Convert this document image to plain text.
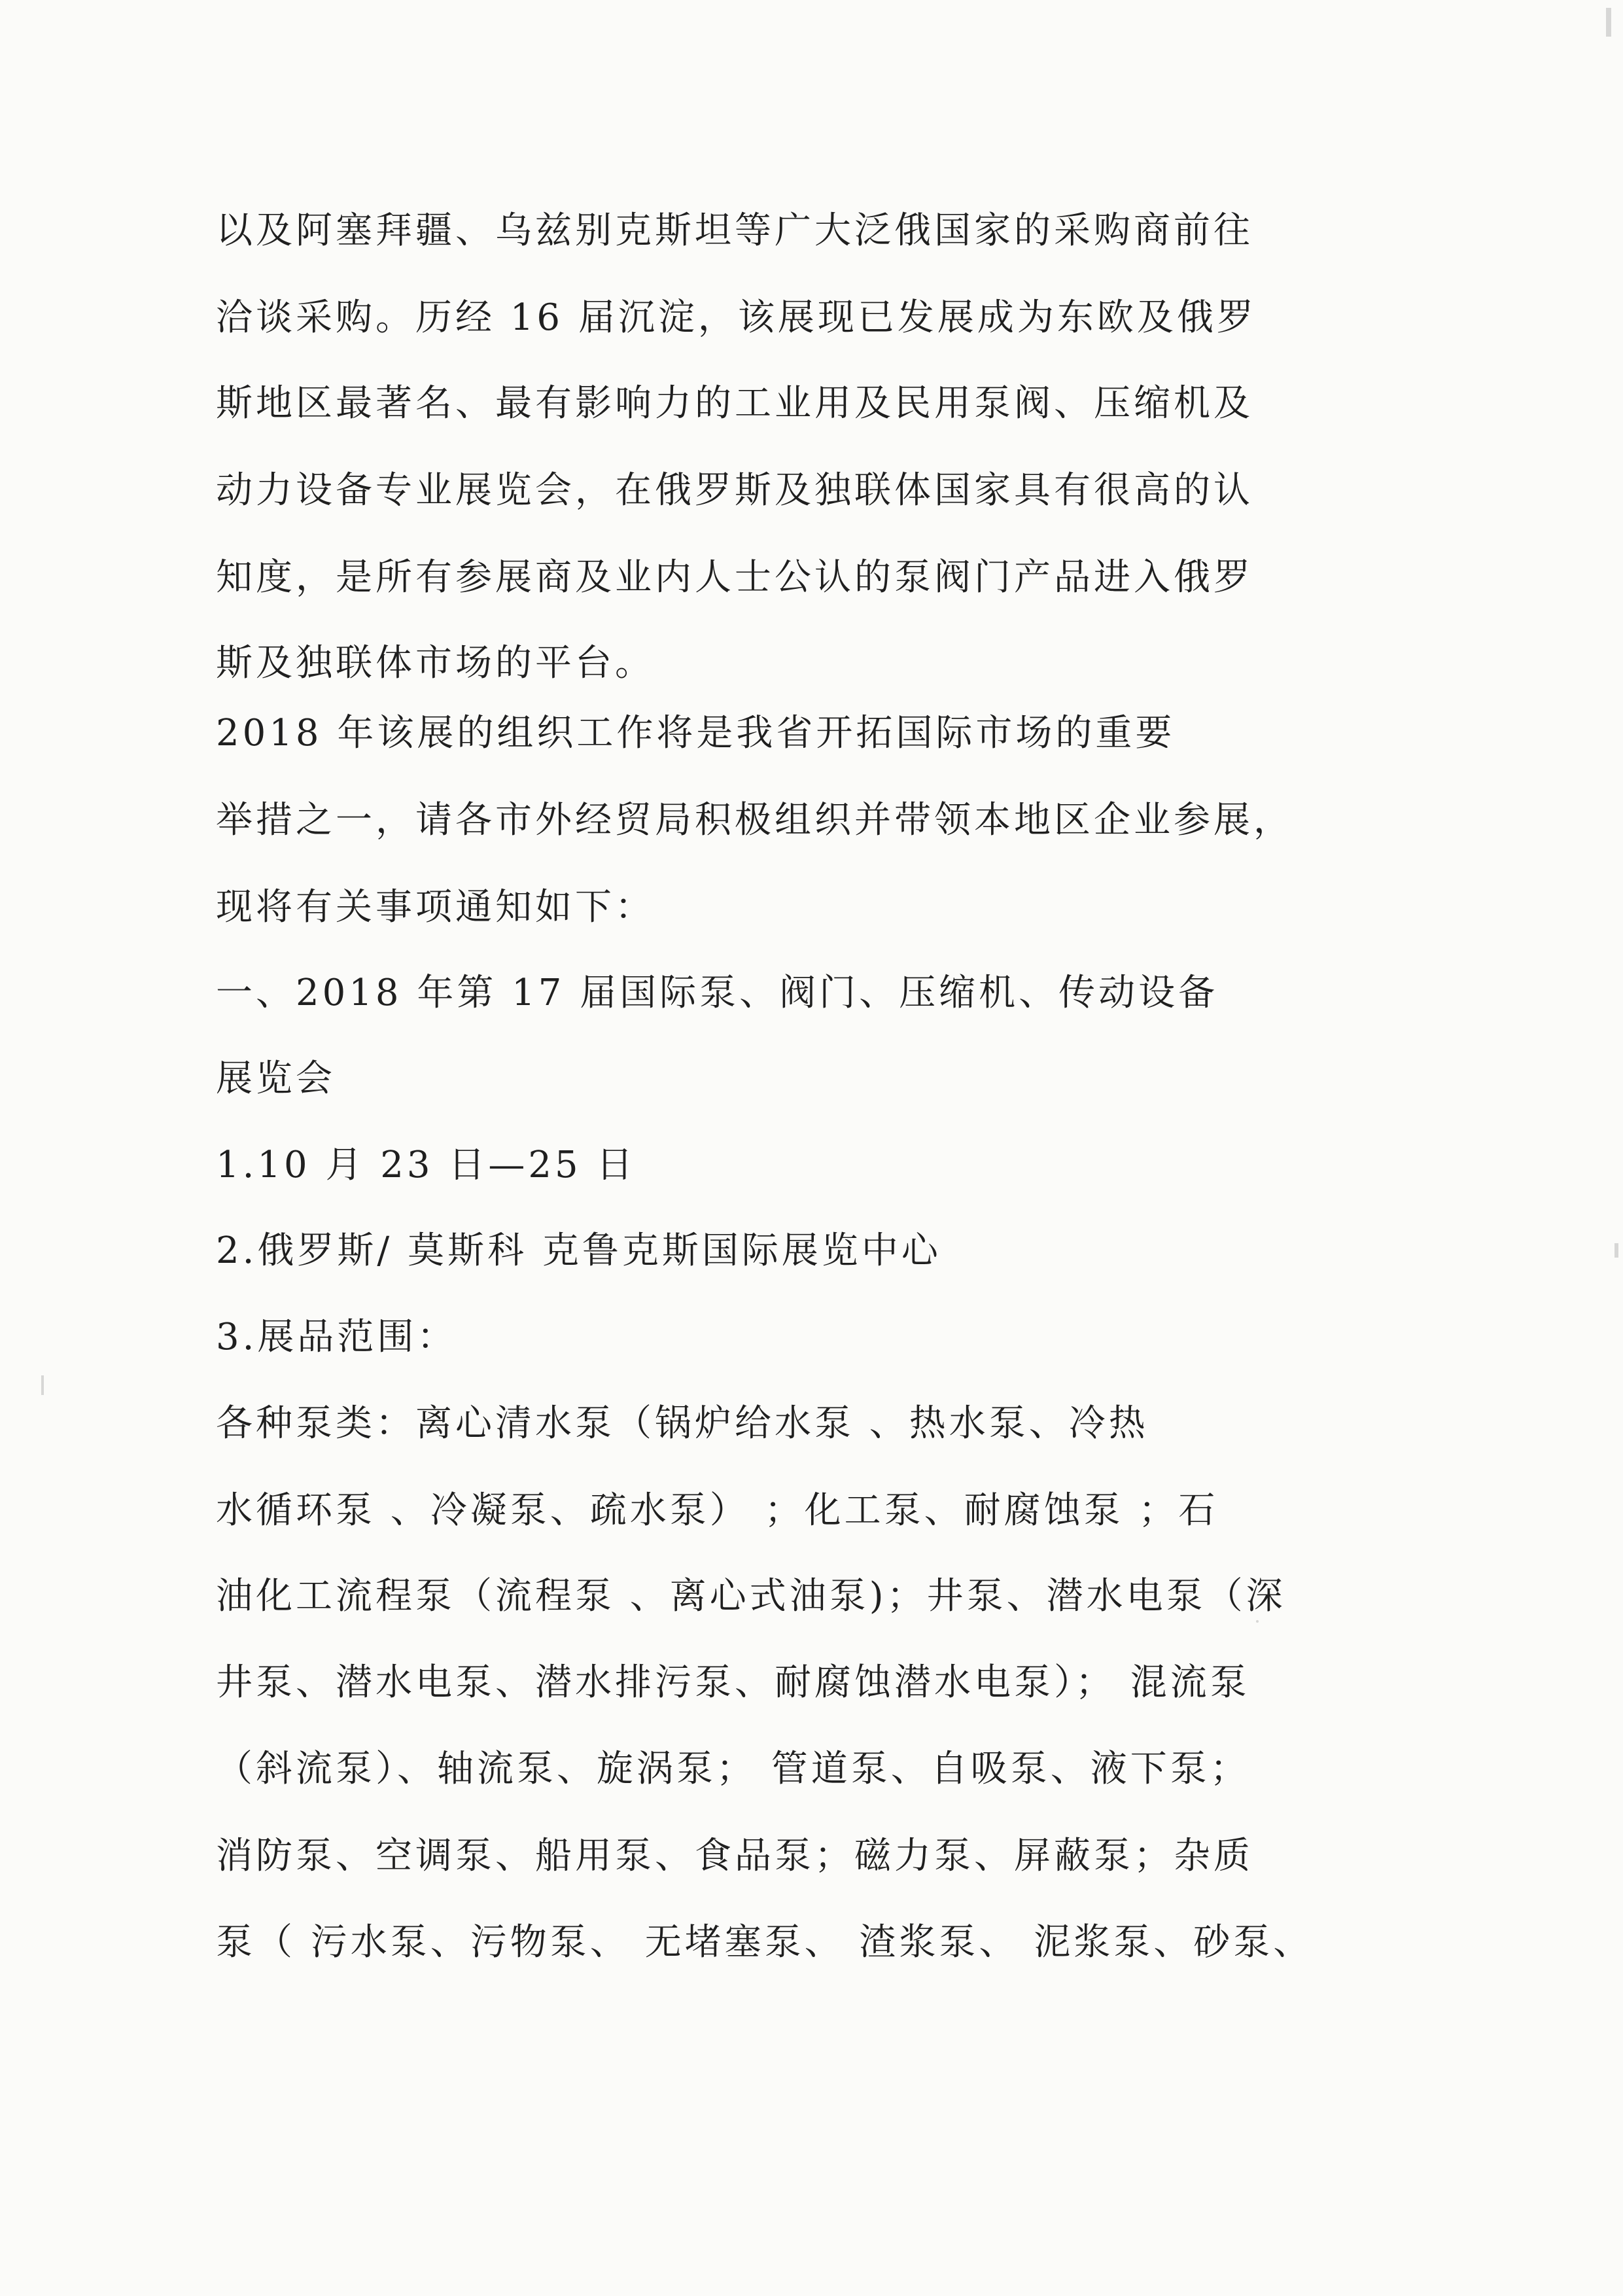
以及阿塞拜疆、乌兹别克斯坦等广大泛俄国家的采购商前往
洽谈采购。历经 16 届沉淀，该展现已发展成为东欧及俄罗
斯地区最著名、最有影响力的工业用及民用泵阀、压缩机及
动力设备专业展览会，在俄罗斯及独联体国家具有很高的认
知度，是所有参展商及业内人士公认的泵阀门产品进入俄罗
斯及独联体市场的平台。
2018 年该展的组织工作将是我省开拓国际市场的重要
举措之一，请各市外经贸局积极组织并带领本地区企业参展，
现将有关事项通知如下：
一、2018 年第 17 届国际泵、阀门、压缩机、传动设备
展览会
1.10 月 23 日—25 日
2.俄罗斯/ 莫斯科 克鲁克斯国际展览中心
3.展品范围：
各种泵类：离心清水泵（锅炉给水泵 、热水泵、冷热
水循环泵 、冷凝泵、疏水泵） ；化工泵、耐腐蚀泵 ；石
油化工流程泵（流程泵 、离心式油泵)；井泵、潜水电泵（深
井泵、潜水电泵、潜水排污泵、耐腐蚀潜水电泵）； 混流泵
（斜流泵）、轴流泵、旋涡泵； 管道泵、自吸泵、液下泵；
消防泵、空调泵、船用泵、食品泵；磁力泵、屏蔽泵；杂质
泵（ 污水泵、污物泵、 无堵塞泵、 渣浆泵、 泥浆泵、砂泵、
